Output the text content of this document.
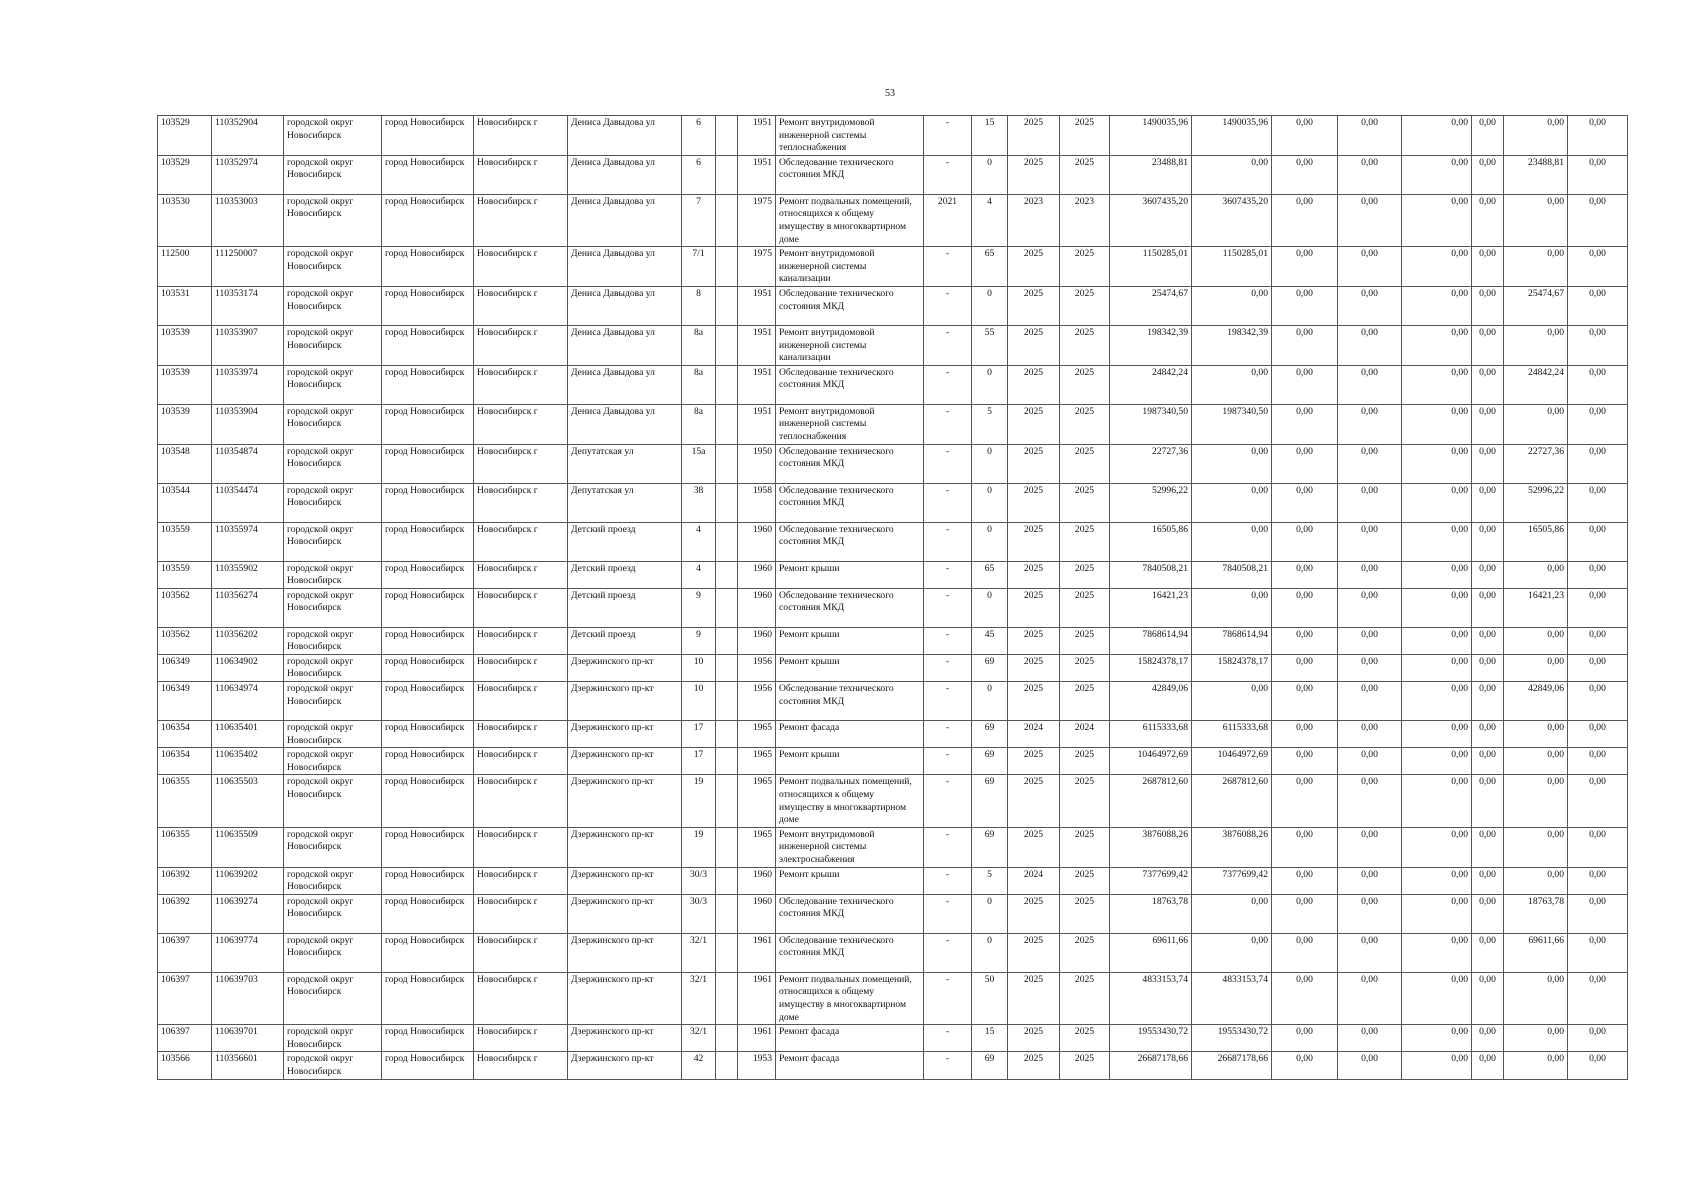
53
103529	110352904	городской округ Новосибирск	город Новосибирск	Новосибирск г	Дениса Давыдова ул	6		1951	Ремонт внутридомовой инженерной системы теплоснабжения	-	15	2025	2025	1490035,96	1490035,96	0,00	0,00	0,00	0,00	0,00	0,00
103529	110352974	городской округ Новосибирск	город Новосибирск	Новосибирск г	Дениса Давыдова ул	6		1951	Обследование технического состояния МКД	-	0	2025	2025	23488,81	0,00	0,00	0,00	0,00	0,00	23488,81	0,00
103530	110353003	городской округ Новосибирск	город Новосибирск	Новосибирск г	Дениса Давыдова ул	7		1975	Ремонт подвальных помещений, относящихся к общему имуществу в многоквартирном доме	2021	4	2023	2023	3607435,20	3607435,20	0,00	0,00	0,00	0,00	0,00	0,00
112500	111250007	городской округ Новосибирск	город Новосибирск	Новосибирск г	Дениса Давыдова ул	7/1		1975	Ремонт внутридомовой инженерной системы канализации	-	65	2025	2025	1150285,01	1150285,01	0,00	0,00	0,00	0,00	0,00	0,00
103531	110353174	городской округ Новосибирск	город Новосибирск	Новосибирск г	Дениса Давыдова ул	8		1951	Обследование технического состояния МКД	-	0	2025	2025	25474,67	0,00	0,00	0,00	0,00	0,00	25474,67	0,00
103539	110353907	городской округ Новосибирск	город Новосибирск	Новосибирск г	Дениса Давыдова ул	8а		1951	Ремонт внутридомовой инженерной системы канализации	-	55	2025	2025	198342,39	198342,39	0,00	0,00	0,00	0,00	0,00	0,00
103539	110353974	городской округ Новосибирск	город Новосибирск	Новосибирск г	Дениса Давыдова ул	8а		1951	Обследование технического состояния МКД	-	0	2025	2025	24842,24	0,00	0,00	0,00	0,00	0,00	24842,24	0,00
103539	110353904	городской округ Новосибирск	город Новосибирск	Новосибирск г	Дениса Давыдова ул	8а		1951	Ремонт внутридомовой инженерной системы теплоснабжения	-	5	2025	2025	1987340,50	1987340,50	0,00	0,00	0,00	0,00	0,00	0,00
103548	110354874	городской округ Новосибирск	город Новосибирск	Новосибирск г	Депутатская ул	15а		1950	Обследование технического состояния МКД	-	0	2025	2025	22727,36	0,00	0,00	0,00	0,00	0,00	22727,36	0,00
103544	110354474	городской округ Новосибирск	город Новосибирск	Новосибирск г	Депутатская ул	38		1958	Обследование технического состояния МКД	-	0	2025	2025	52996,22	0,00	0,00	0,00	0,00	0,00	52996,22	0,00
103559	110355974	городской округ Новосибирск	город Новосибирск	Новосибирск г	Детский проезд	4		1960	Обследование технического состояния МКД	-	0	2025	2025	16505,86	0,00	0,00	0,00	0,00	0,00	16505,86	0,00
103559	110355902	городской округ Новосибирск	город Новосибирск	Новосибирск г	Детский проезд	4		1960	Ремонт крыши	-	65	2025	2025	7840508,21	7840508,21	0,00	0,00	0,00	0,00	0,00	0,00
103562	110356274	городской округ Новосибирск	город Новосибирск	Новосибирск г	Детский проезд	9		1960	Обследование технического состояния МКД	-	0	2025	2025	16421,23	0,00	0,00	0,00	0,00	0,00	16421,23	0,00
103562	110356202	городской округ Новосибирск	город Новосибирск	Новосибирск г	Детский проезд	9		1960	Ремонт крыши	-	45	2025	2025	7868614,94	7868614,94	0,00	0,00	0,00	0,00	0,00	0,00
106349	110634902	городской округ Новосибирск	город Новосибирск	Новосибирск г	Дзержинского пр-кт	10		1956	Ремонт крыши	-	69	2025	2025	15824378,17	15824378,17	0,00	0,00	0,00	0,00	0,00	0,00
106349	110634974	городской округ Новосибирск	город Новосибирск	Новосибирск г	Дзержинского пр-кт	10		1956	Обследование технического состояния МКД	-	0	2025	2025	42849,06	0,00	0,00	0,00	0,00	0,00	42849,06	0,00
106354	110635401	городской округ Новосибирск	город Новосибирск	Новосибирск г	Дзержинского пр-кт	17		1965	Ремонт фасада	-	69	2024	2024	6115333,68	6115333,68	0,00	0,00	0,00	0,00	0,00	0,00
106354	110635402	городской округ Новосибирск	город Новосибирск	Новосибирск г	Дзержинского пр-кт	17		1965	Ремонт крыши	-	69	2025	2025	10464972,69	10464972,69	0,00	0,00	0,00	0,00	0,00	0,00
106355	110635503	городской округ Новосибирск	город Новосибирск	Новосибирск г	Дзержинского пр-кт	19		1965	Ремонт подвальных помещений, относящихся к общему имуществу в многоквартирном доме	-	69	2025	2025	2687812,60	2687812,60	0,00	0,00	0,00	0,00	0,00	0,00
106355	110635509	городской округ Новосибирск	город Новосибирск	Новосибирск г	Дзержинского пр-кт	19		1965	Ремонт внутридомовой инженерной системы электроснабжения	-	69	2025	2025	3876088,26	3876088,26	0,00	0,00	0,00	0,00	0,00	0,00
106392	110639202	городской округ Новосибирск	город Новосибирск	Новосибирск г	Дзержинского пр-кт	30/3		1960	Ремонт крыши	-	5	2024	2025	7377699,42	7377699,42	0,00	0,00	0,00	0,00	0,00	0,00
106392	110639274	городской округ Новосибирск	город Новосибирск	Новосибирск г	Дзержинского пр-кт	30/3		1960	Обследование технического состояния МКД	-	0	2025	2025	18763,78	0,00	0,00	0,00	0,00	0,00	18763,78	0,00
106397	110639774	городской округ Новосибирск	город Новосибирск	Новосибирск г	Дзержинского пр-кт	32/1		1961	Обследование технического состояния МКД	-	0	2025	2025	69611,66	0,00	0,00	0,00	0,00	0,00	69611,66	0,00
106397	110639703	городской округ Новосибирск	город Новосибирск	Новосибирск г	Дзержинского пр-кт	32/1		1961	Ремонт подвальных помещений, относящихся к общему имуществу в многоквартирном доме	-	50	2025	2025	4833153,74	4833153,74	0,00	0,00	0,00	0,00	0,00	0,00
106397	110639701	городской округ Новосибирск	город Новосибирск	Новосибирск г	Дзержинского пр-кт	32/1		1961	Ремонт фасада	-	15	2025	2025	19553430,72	19553430,72	0,00	0,00	0,00	0,00	0,00	0,00
103566	110356601	городской округ Новосибирск	город Новосибирск	Новосибирск г	Дзержинского пр-кт	42		1953	Ремонт фасада	-	69	2025	2025	26687178,66	26687178,66	0,00	0,00	0,00	0,00	0,00	0,00
